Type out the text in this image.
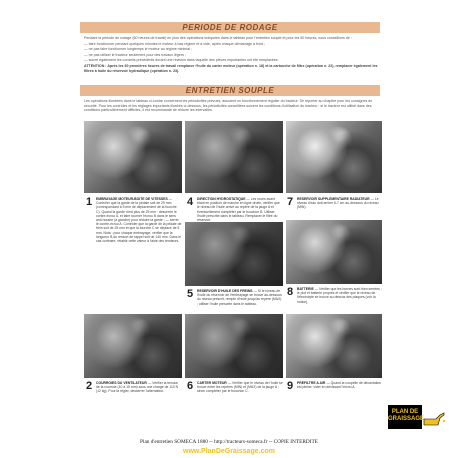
PERIODE DE RODAGE

Pendant la période de rodage (60 heures de travail) en plus des opérations indiquées dans le tableau pour l'entretien souple et pour les 50 heures, nous conseillons de :

— faire fonctionner pendant quelques minutes le moteur à bas régime et à vide, après chaque démarrage à froid ;

— ne pas faire fonctionner longtemps le moteur au régime minimal ;

— ne pas utiliser le tracteur seulement pour des travaux légers ;

— suivre également les conseils précédents durant une révision dans laquelle des pièces importantes ont été remplacées.

ATTENTION : Après les 60 premières heures de travail remplacer l'huile du carter moteur (opération n. 18) et la cartouche de filtre (opération n. 22), remplacer également les filtres à huile du réservoir hydraulique (opération n. 23).

ENTRETIEN SOUPLE
Les opérations illustrées dans le tableau ci-contre concernent les périodicités prévues, assurent un fonctionnement régulier du tracteur. Se reporter au chapitre pour les consignes de sécurité. Pour les contrôles et les réglages importants illustrés ci-dessous, les périodicités conseillées suivent les conditions d'utilisation du tracteur ; si le tracteur est utilisé dans des conditions particulièrement difficiles, il est recommandé de réduire les intervalles.
1 EMBRAYAGE MOTEUR-BOITE DE VITESSES — Contrôler que la garde de la pédale soit de 25 mm (correspondant à 5 mm de déplacement de la fourche C). Quand la garde n'est plus de 25 mm : desserrer le contre-écrou A, et faire tourner l'écrou B dans le sens anti-horaire (à gauche) pour réduire la garde ; — serrer le contre-écrou A. Contrôler que la garde de la pédale de frein soit de 25 mm et que la fourche C se déplace de 5 mm. Nota : pour chaque embrayage, vérifier que la longueur B du ressort de rappel soit de 140 mm. Dans le cas contraire, rétablir cette valeur à l'aide des tendeurs.
4 DIRECTION HYDROSTATIQUE — Les roues avant étant en position de marche en ligne droite, vérifier que le niveau de l'huile arrive au repère de la jauge A et éventuellement compléter par le bouchon B. Utiliser l'huile prescrite dans le tableau. Remplacer le filtre du réservoir.
7 RESERVOIR SUPPLEMENTAIRE RADIATEUR — Le niveau d'eau doit arriver 6-7 cm au-dessous du niveau (MIN).
5 RESERVOIR D'HUILE DES FREINS — Si le niveau de l'huile du réservoir de l'embrayage se trouve au-dessous du niveau prescrit, remplir d'huile jusqu'au repère (MAX) ; utiliser l'huile prescrite dans le tableau.
8 BATTERIE — Vérifier que les bornes sont bien serrées ; le plot et batterie propres et vérifier que le niveau de l'électrolyte se trouve au-dessus des plaques (voir la notice).
2 COURROIES DU VENTILATEUR — Vérifier la tension de la courroie (10 à 15 mm) sous une charge de 110 N (12 kg). Pour la régler, desserrer l'alternateur.	6 CARTER MOTEUR — Vérifier que le niveau de l'huile se trouve entre les repères (MIN) et (MAX) de la jauge A ; sinon compléter par le bouchon C.	9 PREFILTRE A AIR — Quand la coupelle de décantation est pleine, vider en dévissant l'écrou A.
PLAN DE
GRAISSAGE
Plan d'entretien SOMECA 1880 -- http://tracteurs-someca.fr -- COPIE INTERDITE
www.PlanDeGraissage.com
